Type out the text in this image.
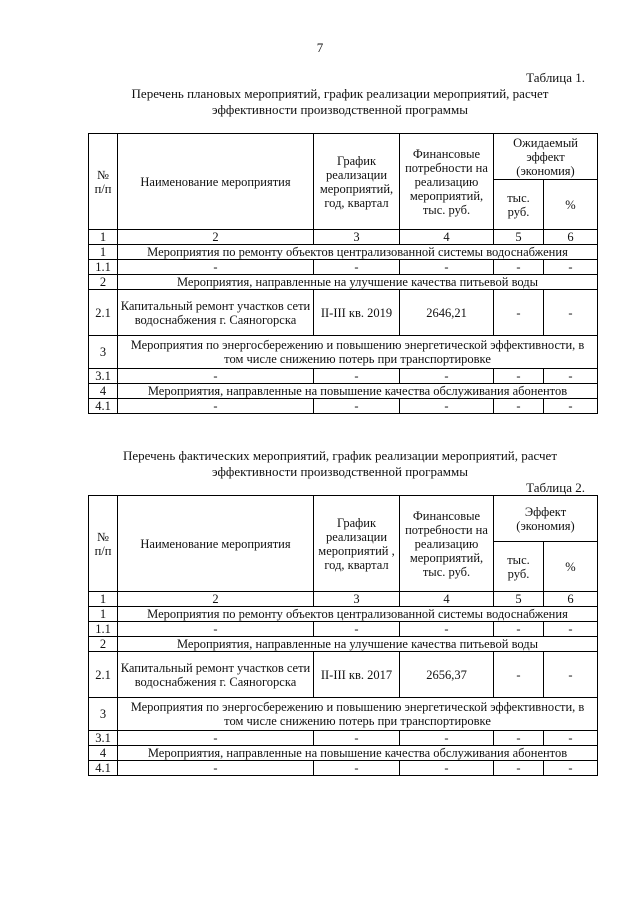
7
Таблица 1.
Перечень плановых мероприятий, график реализации мероприятий, расчет
эффективности производственной программы
№ п/п	Наименование мероприятия	График реализации мероприятий, год, квартал	Финансовые потребности на реализацию мероприятий, тыс. руб.	Ожидаемый эффект (экономия)	
				тыс. руб.	%
1	2	3	4	5	6
1	Мероприятия по ремонту объектов централизованной системы водоснабжения				
1.1	-	-	-	-	-
2	Мероприятия, направленные на улучшение качества питьевой воды				
2.1	Капитальный ремонт участков сети водоснабжения г. Саяногорска	II-III кв. 2019	2646,21	-	-
3	Мероприятия по энергосбережению и повышению энергетической эффективности, в том числе снижению потерь при транспортировке				
3.1	-	-	-	-	-
4	Мероприятия, направленные на повышение качества обслуживания абонентов				
4.1	-	-	-	-	-
Перечень фактических мероприятий, график реализации мероприятий, расчет
эффективности производственной программы
Таблица 2.
№ п/п	Наименование мероприятия	График реализации мероприятий , год, квартал	Финансовые потребности на реализацию мероприятий, тыс. руб.	Эффект (экономия)	
				тыс. руб.	%
1	2	3	4	5	6
1	Мероприятия по ремонту объектов централизованной системы водоснабжения				
1.1	-	-	-	-	-
2	Мероприятия, направленные на улучшение качества питьевой воды				
2.1	Капитальный ремонт участков сети водоснабжения г. Саяногорска	II-III кв. 2017	2656,37	-	-
3	Мероприятия по энергосбережению и повышению энергетической эффективности, в том числе снижению потерь при транспортировке				
3.1	-	-	-	-	-
4	Мероприятия, направленные на повышение качества обслуживания абонентов				
4.1	-	-	-	-	-
